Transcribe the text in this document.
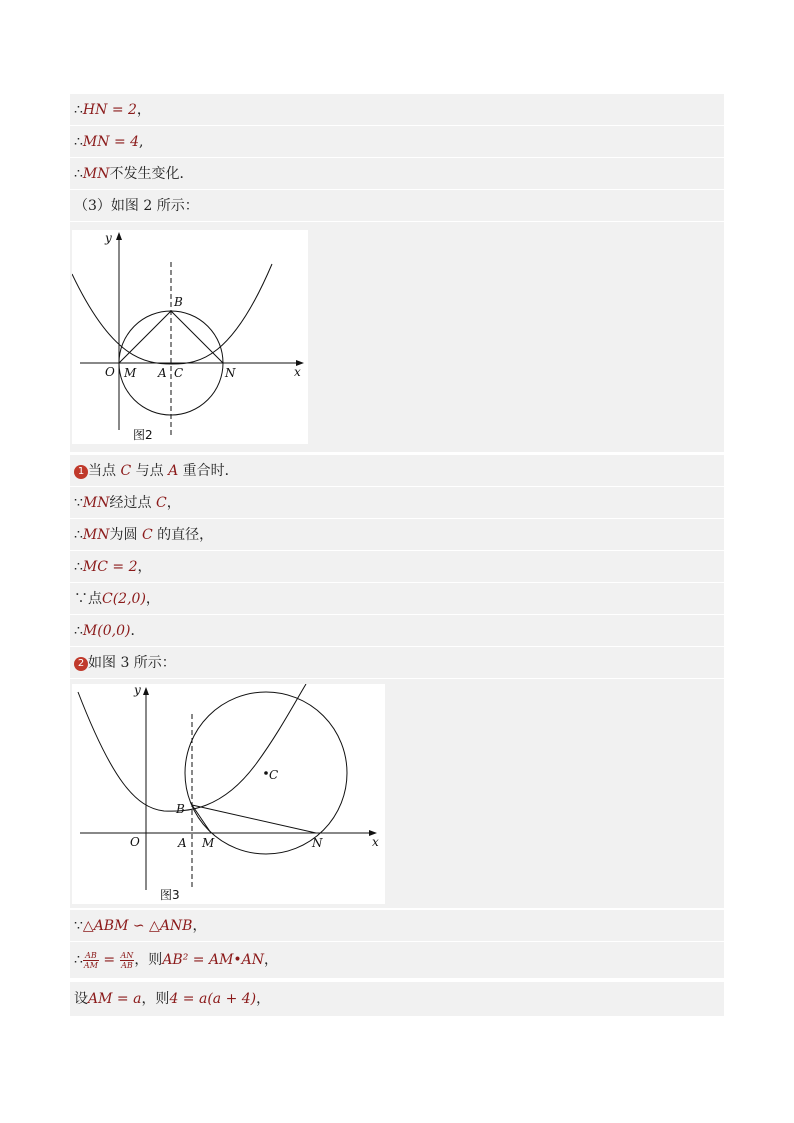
∴HN = 2，
∴MN = 4,
∴MN不发生变化．
（3）如图 2 所示：
y
x
O M A C	N
B
图2
1 当点 C 与点 A 重合时．
∵MN经过点 C，
∴MN为圆 C 的直径，
∴MC = 2，
∵点C(2,0)，
∴M(0,0)．
2 如图 3 所示：
y
x
O	A M	N
B
C
图3
∵△ABM ∽ △ANB，
∴ $\frac{AB}{AM} = \frac{AN}{AB}$ ，则AB² = AM•AN，
设AM = a，则4 = a(a + 4)，
